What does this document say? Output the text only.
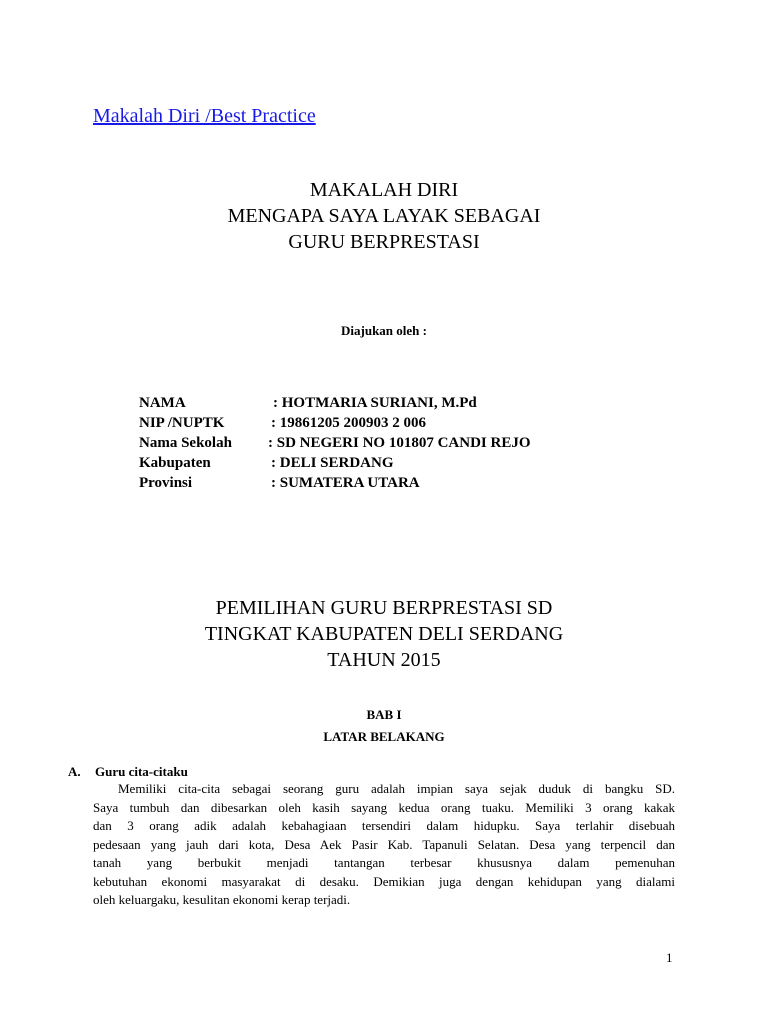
Makalah Diri /Best Practice
MAKALAH DIRI
MENGAPA SAYA LAYAK SEBAGAI
GURU BERPRESTASI
Diajukan oleh :
NAMA	: HOTMARIA SURIANI, M.Pd
NIP /NUPTK	: 19861205 200903 2 006
Nama Sekolah : SD NEGERI NO 101807 CANDI REJO
Kabupaten	: DELI SERDANG
Provinsi	: SUMATERA UTARA
PEMILIHAN GURU BERPRESTASI SD
TINGKAT KABUPATEN DELI SERDANG
TAHUN 2015
BAB I
LATAR BELAKANG
A. Guru cita-citaku
Memiliki cita-cita sebagai seorang guru adalah impian saya sejak duduk di bangku SD.
Saya tumbuh dan dibesarkan oleh kasih sayang kedua orang tuaku. Memiliki 3 orang kakak
dan 3 orang adik adalah kebahagiaan tersendiri dalam hidupku. Saya terlahir disebuah
pedesaan yang jauh dari kota, Desa Aek Pasir Kab. Tapanuli Selatan. Desa yang terpencil dan
tanah yang berbukit menjadi tantangan terbesar khususnya dalam pemenuhan
kebutuhan ekonomi masyarakat di desaku. Demikian juga dengan kehidupan yang dialami
oleh keluargaku, kesulitan ekonomi kerap terjadi.
1
